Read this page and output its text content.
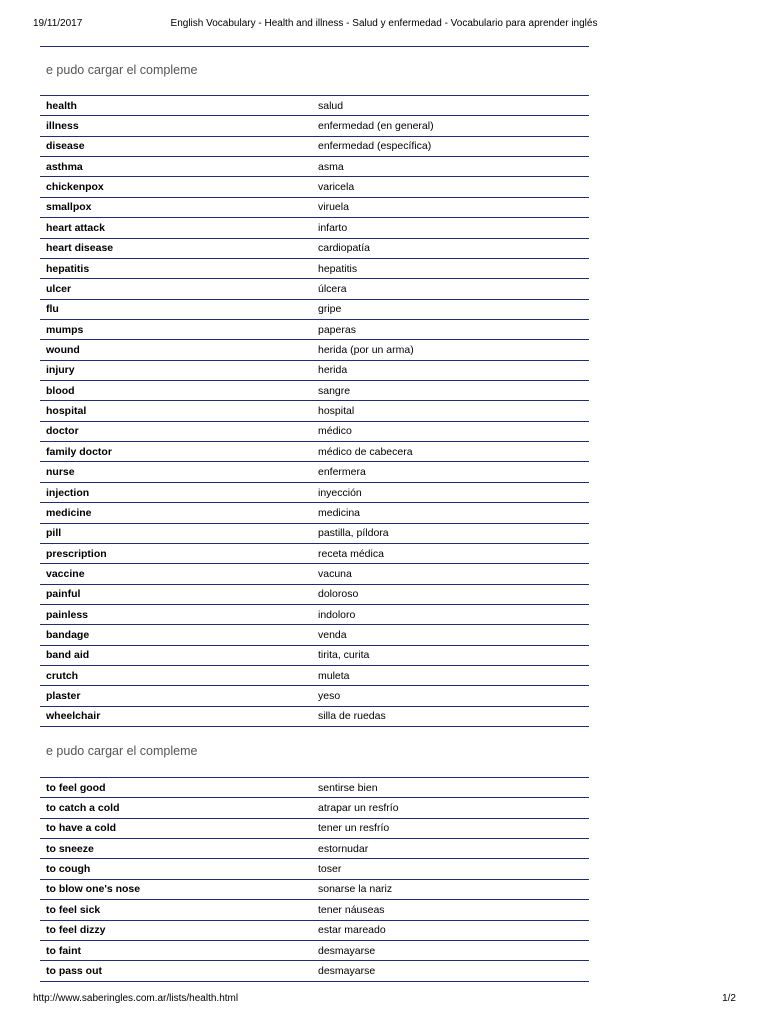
19/11/2017	English Vocabulary - Health and illness - Salud y enfermedad - Vocabulario para aprender inglés
e pudo cargar el compleme
health	salud
illness	enfermedad (en general)
disease	enfermedad (específica)
asthma	asma
chickenpox	varicela
smallpox	viruela
heart attack	infarto
heart disease	cardiopatía
hepatitis	hepatitis
ulcer	úlcera
flu	gripe
mumps	paperas
wound	herida (por un arma)
injury	herida
blood	sangre
hospital	hospital
doctor	médico
family doctor	médico de cabecera
nurse	enfermera
injection	inyección
medicine	medicina
pill	pastilla, píldora
prescription	receta médica
vaccine	vacuna
painful	doloroso
painless	indoloro
bandage	venda
band aid	tirita, curita
crutch	muleta
plaster	yeso
wheelchair	silla de ruedas
e pudo cargar el compleme
to feel good	sentirse bien
to catch a cold	atrapar un resfrío
to have a cold	tener un resfrío
to sneeze	estornudar
to cough	toser
to blow one's nose	sonarse la nariz
to feel sick	tener náuseas
to feel dizzy	estar mareado
to faint	desmayarse
to pass out	desmayarse
http://www.saberingles.com.ar/lists/health.html	1/2
